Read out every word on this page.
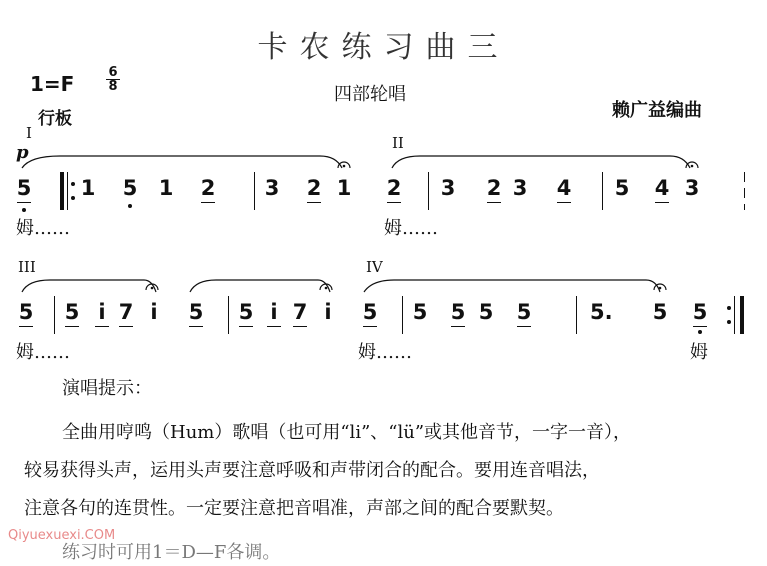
卡农练习曲三
$1=F \frac{6}{8}$
行板
四部轮唱
赖广益编曲
I
p	II
III	IV
5 1 5 1 2 3 2 1 2 3 2 3 4 5 4 3
姆……	姆……
5 5 i 7 i 5 5 i 7 i 5 5 5 5 5	5.	5 5
姆……	姆……	姆
演唱提示：
全曲用哼鸣（Hum）歌唱（也可用“li”、“lü”或其他音节，一字一音），
较易获得头声，运用头声要注意呼吸和声带闭合的配合。要用连音唱法，
注意各句的连贯性。一定要注意把音唱准，声部之间的配合要默契。
练习时可用1＝D—F各调。
Qiyuexuexi.COM
